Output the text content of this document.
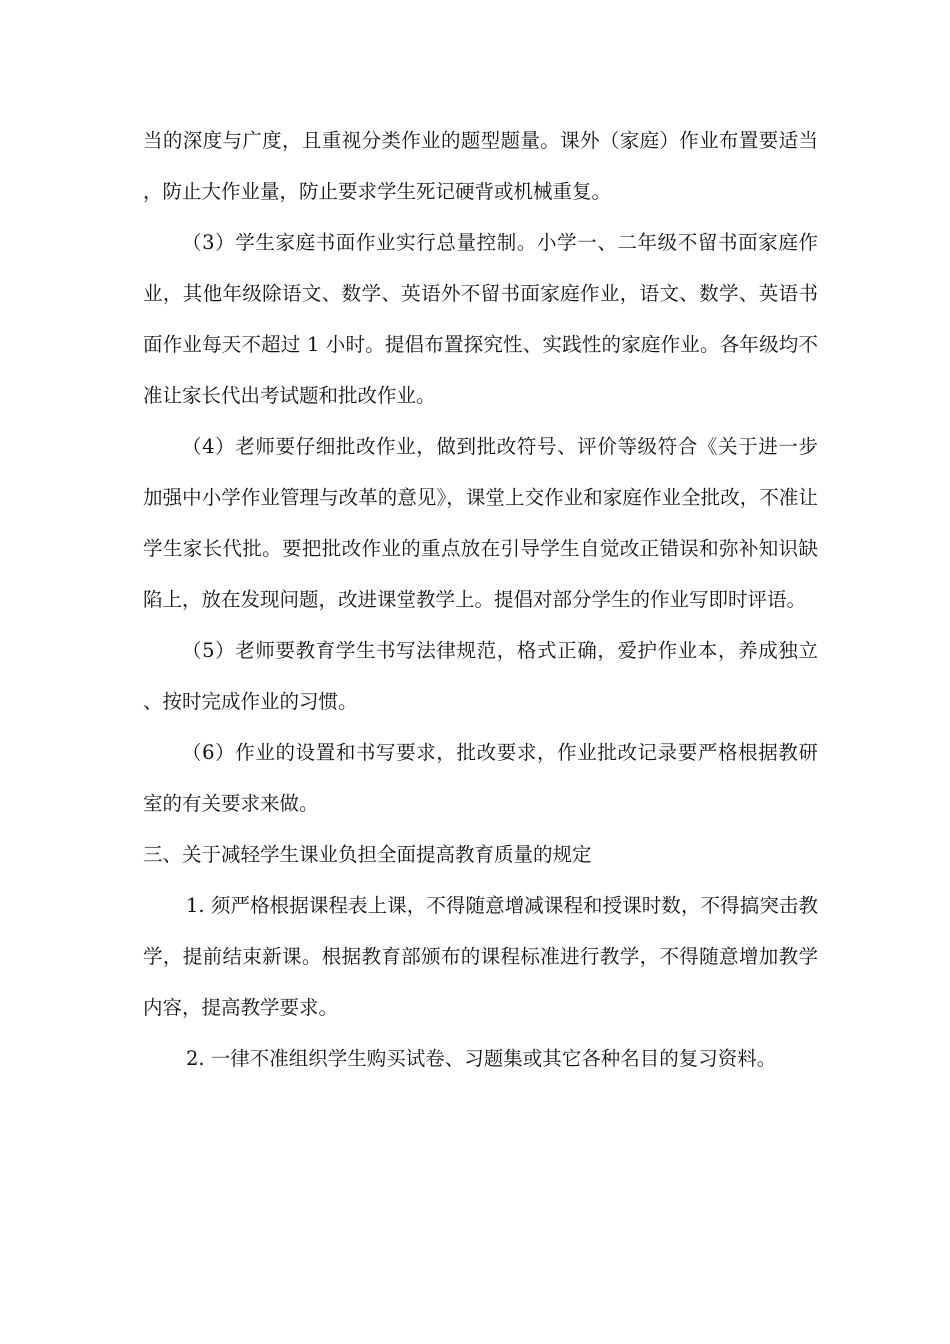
当的深度与广度，且重视分类作业的题型题量。课外（家庭）作业布置要适当，防止大作业量，防止要求学生死记硬背或机械重复。

（3）学生家庭书面作业实行总量控制。小学一、二年级不留书面家庭作业，其他年级除语文、数学、英语外不留书面家庭作业，语文、数学、英语书面作业每天不超过 1 小时。提倡布置探究性、实践性的家庭作业。各年级均不准让家长代出考试题和批改作业。

（4）老师要仔细批改作业，做到批改符号、评价等级符合《关于进一步加强中小学作业管理与改革的意见》，课堂上交作业和家庭作业全批改，不准让学生家长代批。要把批改作业的重点放在引导学生自觉改正错误和弥补知识缺陷上，放在发现问题，改进课堂教学上。提倡对部分学生的作业写即时评语。

（5）老师要教育学生书写法律规范，格式正确，爱护作业本，养成独立、按时完成作业的习惯。

（6）作业的设置和书写要求，批改要求，作业批改记录要严格根据教研室的有关要求来做。

三、关于减轻学生课业负担全面提高教育质量的规定

1. 须严格根据课程表上课，不得随意增减课程和授课时数，不得搞突击教学，提前结束新课。根据教育部颁布的课程标准进行教学，不得随意增加教学内容，提高教学要求。

2. 一律不准组织学生购买试卷、习题集或其它各种名目的复习资料。
